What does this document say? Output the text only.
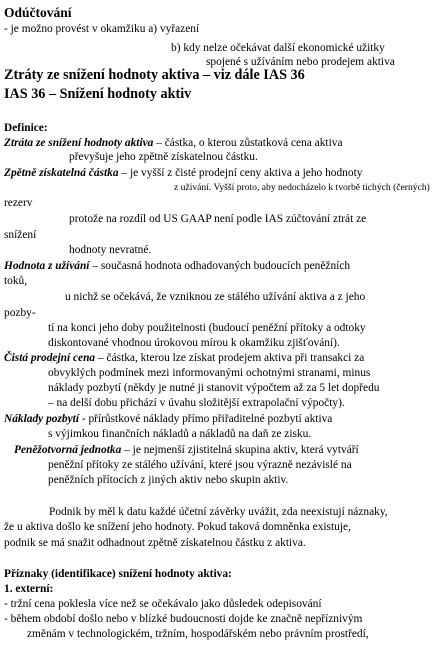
Odúčtování
- je možno provést v okamžiku a) vyřazení
b) kdy nelze očekávat další ekonomické užitky
spojené s užíváním nebo prodejem aktiva
Ztráty ze snížení hodnoty aktiva – viz dále IAS 36
IAS 36 – Snížení hodnoty aktiv
Definice:
Ztráta ze snížení hodnoty aktiva – částka, o kterou zůstatková cena aktiva
převyšuje jeho zpětně získatelnou částku.
Zpětně získatelná částka – je vyšší z čisté prodejní ceny aktiva a jeho hodnoty
z užívání. Vyšší proto, aby nedocházelo k tvorbě tichých (černých)
rezerv
protože na rozdíl od US GAAP není podle IAS zúčtování ztrát ze
snížení
hodnoty nevratné.
Hodnota z užívání – současná hodnota odhadovaných budoucích peněžních
toků,
u nichž se očekává, že vzniknou ze stálého užívání aktiva a z jeho
pozby-
tí na konci jeho doby použitelnosti (budoucí peněžní přítoky a odtoky
diskontované vhodnou úrokovou mírou k okamžiku zjišťování).
Čistá prodejní cena – částka, kterou lze získat prodejem aktiva při transakci za
obvyklých podmínek mezi informovanými ochotnými stranami, minus
náklady pozbytí (někdy je nutné ji stanovit výpočtem až za 5 let dopředu
– na delší dobu přichází v úvahu složitější extrapolační výpočty).
Náklady pozbytí - přírůstkové náklady přímo přiřaditelné pozbytí aktiva
s výjimkou finančních nákladů a nákladů na daň ze zisku.
Peněžotvorná jednotka – je nejmenší zjistitelná skupina aktiv, která vytváří
peněžní přítoky ze stálého užívání, které jsou výrazně nezávislé na
peněžních přítocích z jiných aktiv nebo skupin aktiv.
Podnik by měl k datu každé účetní závěrky uvážit, zda neexistují náznaky,
že u aktiva došlo ke snížení jeho hodnoty. Pokud taková domněnka existuje,
podnik se má snažit odhadnout zpětně získatelnou částku z aktiva.
Příznaky (identifikace) snížení hodnoty aktiva:
1. externí:
- tržní cena poklesla více než se očekávalo jako důsledek odepisování
- během období došlo nebo v blízké budoucnosti dojde ke značně nepříznivým
změnám v technologickém, tržním, hospodářském nebo právním prostředí,
